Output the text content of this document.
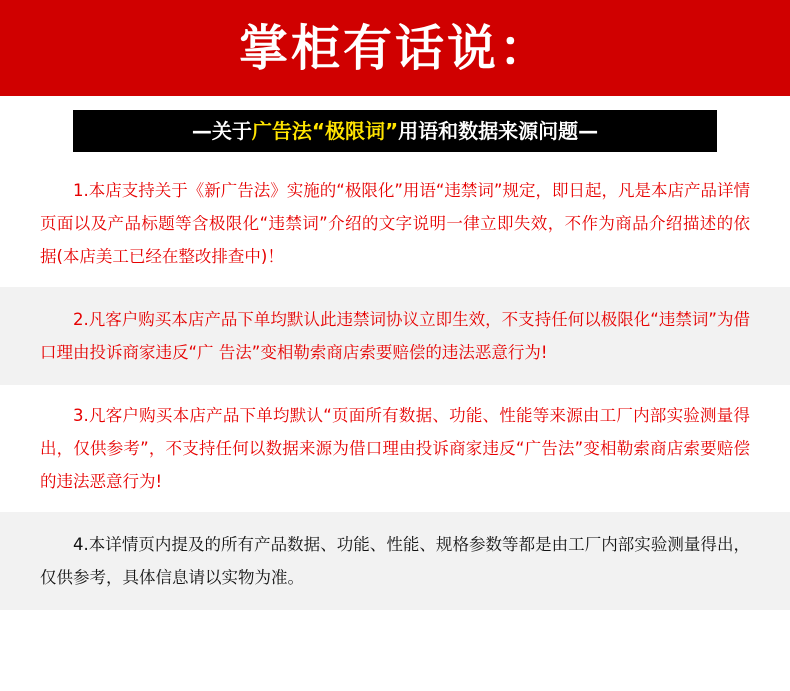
掌柜有话说：
—关于广告法“极限词”用语和数据来源问题—
1.本店支持关于《新广告法》实施的“极限化”用语“违禁词”规定，即日起，凡是本店产品详情页面以及产品标题等含极限化“违禁词”介绍的文字说明一律立即失效，不作为商品介绍描述的依据(本店美工已经在整改排查中)！
2.凡客户购买本店产品下单均默认此违禁词协议立即生效，不支持任何以极限化“违禁词”为借口理由投诉商家违反“广 告法”变相勒索商店索要赔偿的违法恶意行为!
3.凡客户购买本店产品下单均默认“页面所有数据、功能、性能等来源由工厂内部实验测量得出，仅供参考”，不支持任何以数据来源为借口理由投诉商家违反“广告法”变相勒索商店索要赔偿的违法恶意行为!
4.本详情页内提及的所有产品数据、功能、性能、规格参数等都是由工厂内部实验测量得出，仅供参考，具体信息请以实物为准。
